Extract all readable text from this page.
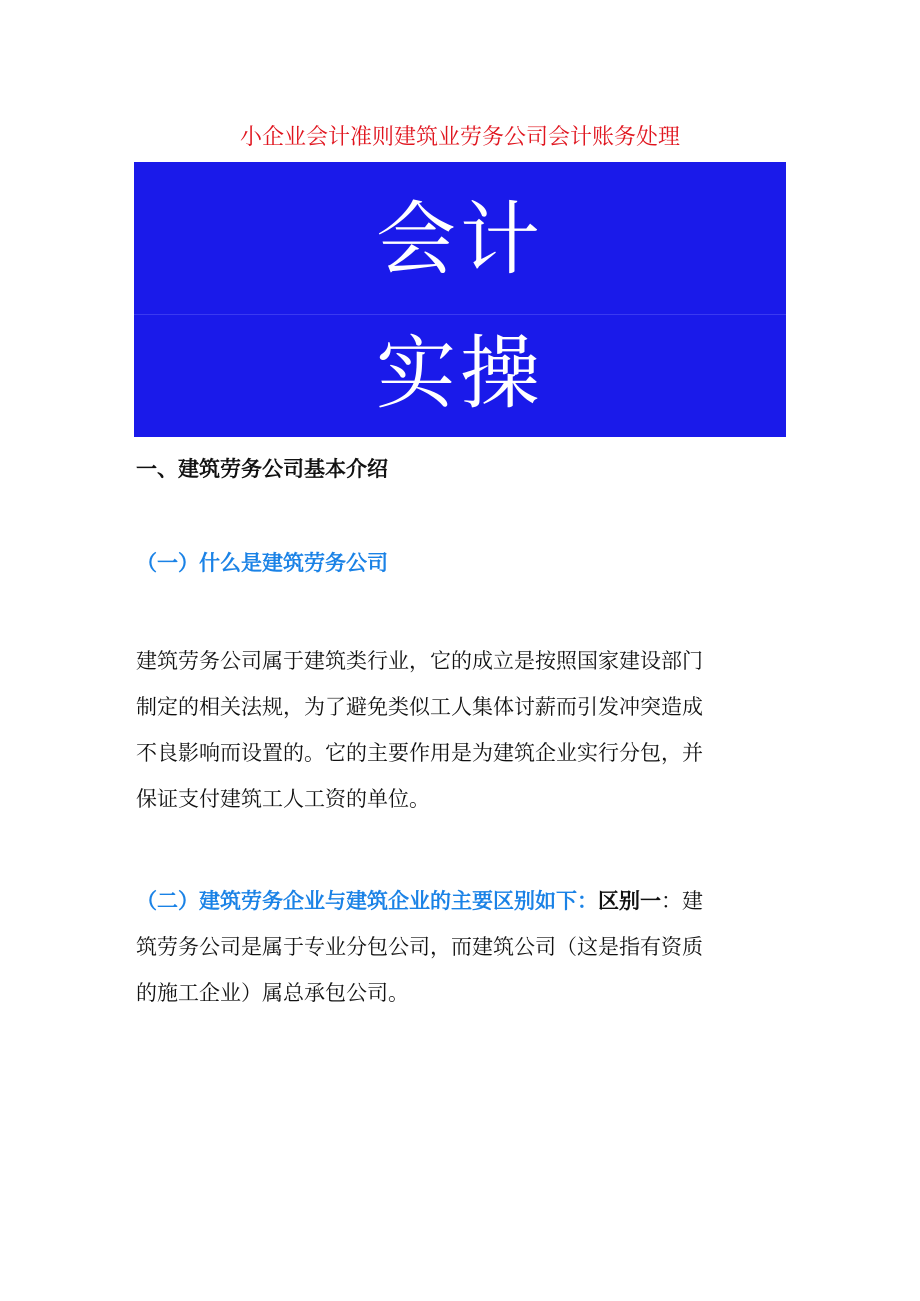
小企业会计准则建筑业劳务公司会计账务处理
会计
实操
一、建筑劳务公司基本介绍
（一）什么是建筑劳务公司
建筑劳务公司属于建筑类行业，它的成立是按照国家建设部门
制定的相关法规，为了避免类似工人集体讨薪而引发冲突造成
不良影响而设置的。它的主要作用是为建筑企业实行分包，并
保证支付建筑工人工资的单位。
（二）建筑劳务企业与建筑企业的主要区别如下：区别一：建
筑劳务公司是属于专业分包公司，而建筑公司（这是指有资质
的施工企业）属总承包公司。
